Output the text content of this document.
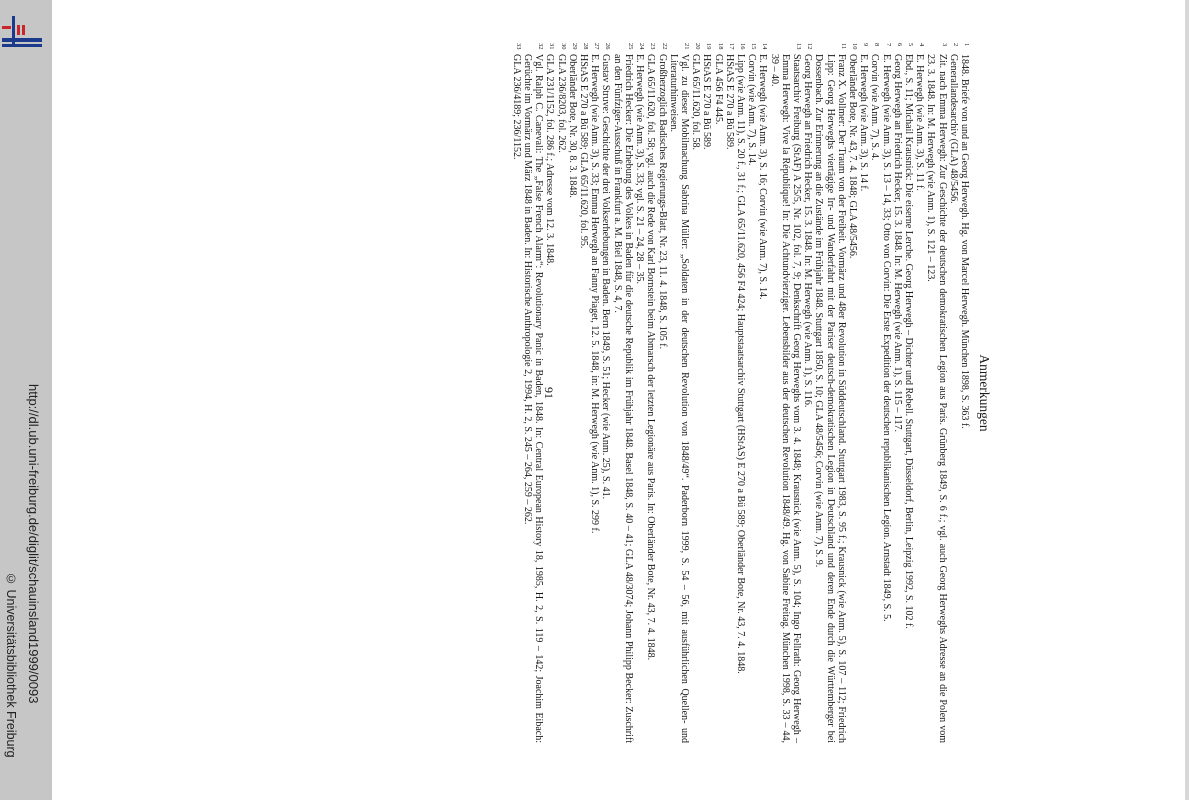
http://dl.ub.uni-freiburg.de/diglit/schauinsland1999/0093
© Universitätsbibliothek Freiburg
Anmerkungen
1
1848. Briefe von und an Georg Herwegh. Hg. von Marcel Herwegh. München 1898, S. 363 f.
2
Generallandesarchiv (GLA) 48/5456.
3
Zit. nach Emma Herwegh: Zur Geschichte der deutschen demokratischen Legion aus Paris. Grünberg 1849, S. 6 f.; vgl. auch Georg Herweghs Adresse an die Polen vom 23. 3. 1848. In: M. Herwegh (wie Anm. 1), S. 121 – 123.
4
E. Herwegh (wie Anm. 3), S. 11 f.
5
Ebd., S. 11; Michail Krausnick: Die eiserne Lerche. Georg Herwegh – Dichter und Rebell. Stuttgart, Düsseldorf, Berlin, Leipzig 1992, S. 102 f.
6
Georg Herwegh an Friedrich Hecker, 15. 3. 1848. In: M. Herwegh (wie Anm. 1), S. 115 – 117.
7
E. Herwegh (wie Anm. 3), S. 13 – 14, 33; Otto von Corvin: Die Erste Expedition der deutschen republikanischen Legion. Arnstadt 1849, S. 5.
8
Corvin (wie Anm. 7), S. 4.
9
E. Herwegh (wie Anm. 3), S. 14 f.
10
Oberländer Bote, Nr. 43, 7. 4. 1848; GLA 48/5456.
11
Franz X. Vollmer: Der Traum von der Freiheit. Vormärz und 48er Revolution in Süddeutschland. Stuttgart 1983, S. 95 f.; Krausnick (wie Anm. 5), S. 107 – 112; Friedrich Lipp: Georg Herweghs viertägige Irr- und Wanderfahrt mit der Pariser deutsch-demokratischen Legion in Deutschland und deren Ende durch die Württemberger bei Dossenbach. Zur Erinnerung an die Zustände im Frühjahr 1848. Stuttgart 1850, S. 10; GLA 48/5456; Corvin (wie Anm. 7), S. 9.
12
Georg Herwegh an Friedrich Hecker, 15. 3. 1848. In: M. Herwegh (wie Anm. 1), S. 116.
13
Staatsarchiv Freiburg (StAF) A 25/5, Nr. 102, fol. 7, 9; Denkschrift Georg Herweghs vom 3. 4. 1848; Krausnick (wie Anm. 5), S. 104; Ingo Fellrath: Georg Herwegh – Emma Herwegh: Vive la République! In: Die Achtundvierziger. Lebensbilder aus der deutschen Revolution 1848/49. Hg. von Sabine Freitag. München 1998, S. 33 – 44, 39 – 40.
14
E. Herwegh (wie Anm. 3), S. 16; Corvin (wie Anm. 7), S. 14.
15
Corvin (wie Anm. 7), S. 14.
16
Lipp (wie Anm. 11), S. 20 f., 31 f.; GLA 65/11.620, 456 F4 424; Hauptstaatsarchiv Stuttgart (HStAS) E 270 a Bü 589; Oberländer Bote, Nr. 43, 7. 4. 1848.
17
HStAS E 270 a Bü 589.
18
GLA 456 F4 445.
19
HStAS E 270 a Bü 589.
20
GLA 65/11.620, fol. 58.
21
Vgl. zu dieser Mobilmachung Sabrina Müller: „Soldaten in der deutschen Revolution von 1848/49“. Paderborn 1999, S. 54 – 56, mit ausführlichen Quellen- und Literaturhinweisen.
22
Großherzoglich Badisches Regierungs-Blatt, Nr. 23, 11. 4. 1848, S. 105 f.
23
GLA 65/11.620, fol. 58; vgl. auch die Rede von Karl Bornstein beim Abmarsch der letzten Legionäre aus Paris. In: Oberländer Bote, Nr. 43, 7. 4. 1848.
24
E. Herwegh (wie Anm. 3), S. 33; vgl. S. 21 – 24, 28 – 35.
25
Friedrich Hecker: Die Erhebung des Volkes in Baden für die deutsche Republik im Frühjahr 1848. Basel 1848, S. 40 – 41; GLA 48/3074; Johann Philipp Becker: Zuschrift an den Fünfziger-Ausschuß in Frankfurt a. M. Biel 1848, S. 4, 7.
26
Gustav Struve: Geschichte der drei Volkserhebungen in Baden. Bern 1849, S. 51; Hecker (wie Anm. 25), S. 41.
27
E. Herwegh (wie Anm. 3), S. 33; Emma Herwegh an Fanny Piaget, 12. 5. 1848, in: M. Herwegh (wie Anm. 1), S. 299 f.
28
HStAS E 270 a Bü 589; GLA 65/11.620, fol. 95.
29
Oberländer Bote, Nr. 30, 8. 3. 1848.
30
GLA 236/8203, fol. 262.
31
GLA 231/1152, fol. 286 f.; Adresse vom 12. 3. 1848.
32
Vgl. Ralph C. Canevali: The „False French Alarm“: Revolutionary Panic in Baden, 1848. In: Central European History 18, 1985, H. 2, S. 119 – 142; Joachim Eibach: Gerüchte im Vormärz und März 1848 in Baden. In: Historische Anthropologie 2, 1994, H. 2, S. 245 – 264, 259 – 262.
33
GLA 236/4189; 236/1152.
91
